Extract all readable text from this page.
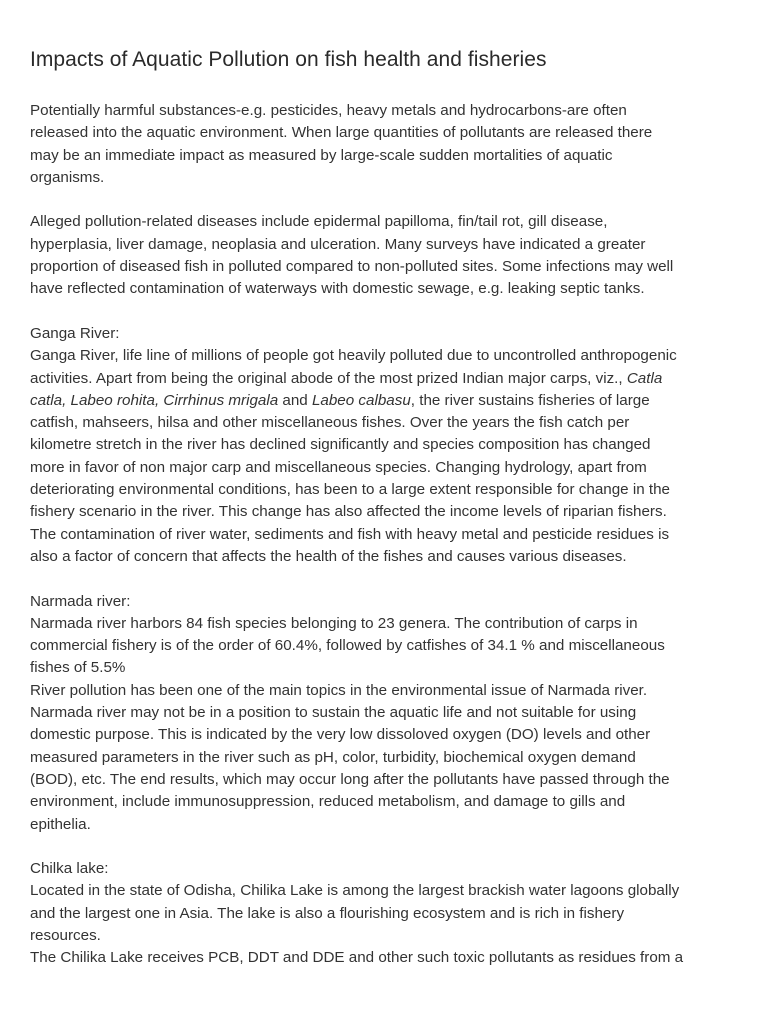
Impacts of Aquatic Pollution on fish health and fisheries

Potentially harmful substances-e.g. pesticides, heavy metals and hydrocarbons-are often
released into the aquatic environment. When large quantities of pollutants are released there
may be an immediate impact as measured by large-scale sudden mortalities of aquatic
organisms.

Alleged pollution-related diseases include epidermal papilloma, fin/tail rot, gill disease,
hyperplasia, liver damage, neoplasia and ulceration. Many surveys have indicated a greater
proportion of diseased fish in polluted compared to non-polluted sites. Some infections may well
have reflected contamination of waterways with domestic sewage, e.g. leaking septic tanks.

Ganga River:
Ganga River, life line of millions of people got heavily polluted due to uncontrolled anthropogenic
activities. Apart from being the original abode of the most prized Indian major carps, viz., Catla
catla, Labeo rohita, Cirrhinus mrigala and Labeo calbasu, the river sustains fisheries of large
catfish, mahseers, hilsa and other miscellaneous fishes. Over the years the fish catch per
kilometre stretch in the river has declined significantly and species composition has changed
more in favor of non major carp and miscellaneous species. Changing hydrology, apart from
deteriorating environmental conditions, has been to a large extent responsible for change in the
fishery scenario in the river. This change has also affected the income levels of riparian fishers.
The contamination of river water, sediments and fish with heavy metal and pesticide residues is
also a factor of concern that affects the health of the fishes and causes various diseases.

Narmada river:
Narmada river harbors 84 fish species belonging to 23 genera. The contribution of carps in
commercial fishery is of the order of 60.4%, followed by catfishes of 34.1 % and miscellaneous
fishes of 5.5%
River pollution has been one of the main topics in the environmental issue of Narmada river.
Narmada river may not be in a position to sustain the aquatic life and not suitable for using
domestic purpose. This is indicated by the very low dissoloved oxygen (DO) levels and other
measured parameters in the river such as pH, color, turbidity, biochemical oxygen demand
(BOD), etc. The end results, which may occur long after the pollutants have passed through the
environment, include immunosuppression, reduced metabolism, and damage to gills and
epithelia.

Chilka lake:
Located in the state of Odisha, Chilika Lake is among the largest brackish water lagoons globally
and the largest one in Asia. The lake is also a flourishing ecosystem and is rich in fishery
resources.
The Chilika Lake receives PCB, DDT and DDE and other such toxic pollutants as residues from a
